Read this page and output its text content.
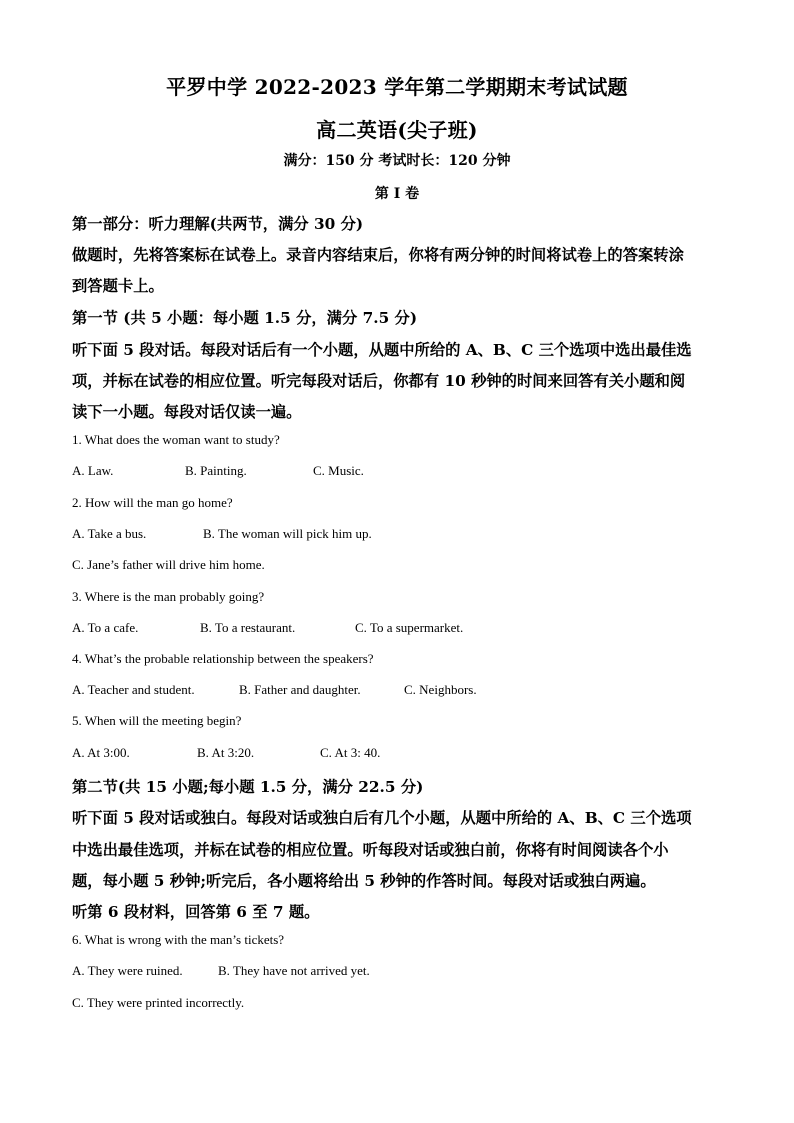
平罗中学 2022-2023 学年第二学期期末考试试题
高二英语(尖子班)
满分：150 分 考试时长：120 分钟
第 I 卷
第一部分：听力理解(共两节，满分 30 分)
做题时，先将答案标在试卷上。录音内容结束后，你将有两分钟的时间将试卷上的答案转涂
到答题卡上。
第一节 (共 5 小题：每小题 1.5 分，满分 7.5 分)
听下面 5 段对话。每段对话后有一个小题，从题中所给的 A、B、C 三个选项中选出最佳选
项，并标在试卷的相应位置。听完每段对话后，你都有 10 秒钟的时间来回答有关小题和阅
读下一小题。每段对话仅读一遍。
1. What does the woman want to study?
A. Law.	B. Painting.	C. Music.
2. How will the man go home?
A. Take a bus.	B. The woman will pick him up.
C. Jane’s father will drive him home.
3. Where is the man probably going?
A. To a cafe.	B. To a restaurant.	C. To a supermarket.
4. What’s the probable relationship between the speakers?
A. Teacher and student.	B. Father and daughter.	C. Neighbors.
5. When will the meeting begin?
A. At 3:00.	B. At 3:20.	C. At 3: 40.
第二节(共 15 小题;每小题 1.5 分，满分 22.5 分)
听下面 5 段对话或独白。每段对话或独白后有几个小题，从题中所给的 A、B、C 三个选项
中选出最佳选项，并标在试卷的相应位置。听每段对话或独白前，你将有时间阅读各个小
题，每小题 5 秒钟;听完后，各小题将给出 5 秒钟的作答时间。每段对话或独白两遍。
听第 6 段材料，回答第 6 至 7 题。
6. What is wrong with the man’s tickets?
A. They were ruined.	B. They have not arrived yet.
C. They were printed incorrectly.
